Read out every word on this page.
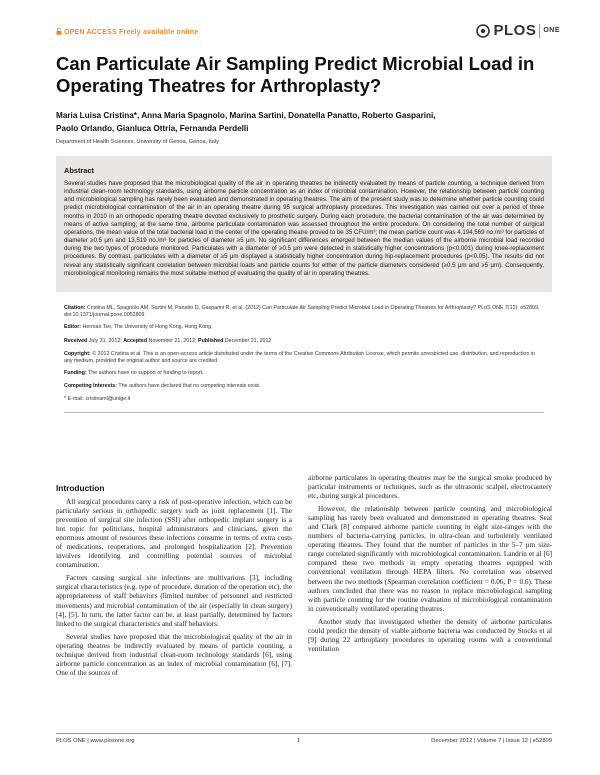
OPEN ACCESS Freely available online	PLOS ONE
Can Particulate Air Sampling Predict Microbial Load in
Operating Theatres for Arthroplasty?
Maria Luisa Cristina*, Anna Maria Spagnolo, Marina Sartini, Donatella Panatto, Roberto Gasparini,
Paolo Orlando, Gianluca Ottria, Fernanda Perdelli
Department of Health Sciences, University of Genoa, Genoa, Italy
Abstract
Several studies have proposed that the microbiological quality of the air in operating theatres be indirectly evaluated by means of particle counting, a technique derived from industrial clean-room technology standards, using airborne particle concentration as an index of microbial contamination. However, the relationship between particle counting and microbiological sampling has rarely been evaluated and demonstrated in operating theatres. The aim of the present study was to determine whether particle counting could predict microbiological contamination of the air in an operating theatre during 95 surgical arthroplasty procedures. This investigation was carried out over a period of three months in 2010 in an orthopedic operating theatre devoted exclusively to prosthetic surgery. During each procedure, the bacterial contamination of the air was determined by means of active sampling; at the same time, airborne particulate contamination was assessed throughout the entire procedure. On considering the total number of surgical operations, the mean value of the total bacterial load in the center of the operating theatre proved to be 35 CFU/m³; the mean particle count was 4,194,569 no./m³ for particles of diameter ≥0.5 μm and 13,519 no./m³ for particles of diameter ≥5 μm. No significant differences emerged between the median values of the airborne microbial load recorded during the two types of procedure monitored. Particulates with a diameter of ≥0.5 μm were detected in statistically higher concentrations (p<0.001) during knee-replacement procedures. By contrast, particulates with a diameter of ≥5 μm displayed a statistically higher concentration during hip-replacement procedures (p<0.05). The results did not reveal any statistically significant correlation between microbial loads and particle counts for either of the particle diameters considered (≥0.5 μm and ≥5 μm). Consequently, microbiological monitoring remains the most suitable method of evaluating the quality of air in operating theatres.
Citation: Cristina ML, Spagnolo AM, Sartini M, Panatto D, Gasparini R, et al. (2012) Can Particulate Air Sampling Predict Microbial Load in Operating Theatres for Arthroplasty? PLoS ONE 7(12): e52809. doi:10.1371/journal.pone.0052809
Editor: Herman Tse, The University of Hong Kong, Hong Kong
Received July 31, 2012; Accepted November 21, 2012; Published December 21, 2012
Copyright: © 2012 Cristina et al. This is an open-access article distributed under the terms of the Creative Commons Attribution License, which permits unrestricted use, distribution, and reproduction in any medium, provided the original author and source are credited.
Funding: The authors have no support or funding to report.
Competing Interests: The authors have declared that no competing interests exist.
* E-mail: cristinaml@unige.it
Introduction

All surgical procedures carry a risk of post-operative infection, which can be particularly serious in orthopedic surgery such as joint replacement [1]. The prevention of surgical site infection (SSI) after orthopedic implant surgery is a hot topic for politicians, hospital administrators and clinicians, given the enormous amount of resources these infections consume in terms of extra costs of medications, reoperations, and prolonged hospitalization [2]. Prevention involves identifying and controlling potential sources of microbial contamination.

Factors causing surgical site infections are multivarious [3], including surgical characteristics (e.g. type of procedure, duration of the operation etc), the appropriateness of staff behaviors (limited number of personnel and restricted movements) and microbial contamination of the air (especially in clean surgery) [4], [5]. In turn, the latter factor can be, at least partially, determined by factors linked to the surgical characteristics and staff behaviors.

Several studies have proposed that the microbiological quality of the air in operating theatres be indirectly evaluated by means of particle counting, a technique derived from industrial clean-room technology standards [6], using airborne particle concentration as an index of microbial contamination [6], [7]. One of the sources of

airborne particulates in operating theatres may be the surgical smoke produced by particular instruments or techniques, such as the ultrasonic scalpel, electrocautery etc, during surgical procedures.

However, the relationship between particle counting and microbiological sampling has rarely been evaluated and demonstrated in operating theatres. Seal and Clark [8] compared airborne particle counting in eight size-ranges with the numbers of bacteria-carrying particles, in ultra-clean and turbulently ventilated operating theatres. They found that the number of particles in the 5–7 μm size-range correlated significantly with microbiological contamination. Landrin et al [6] compared these two methods in empty operating theatres equipped with conventional ventilation through HEPA filters. No correlation was observed between the two methods (Spearman correlation coefficient = 0.06, P = 0.6). These authors concluded that there was no reason to replace microbiological sampling with particle counting for the routine evaluation of microbiological contamination in conventionally ventilated operating theatres.

Another study that investigated whether the density of airborne particulates could predict the density of viable airborne bacteria was conducted by Stocks et al [9] during 22 arthroplasty procedures in operating rooms with a conventional ventilation

PLOS ONE | www.plosone.org	1	December 2012 | Volume 7 | Issue 12 | e52809
